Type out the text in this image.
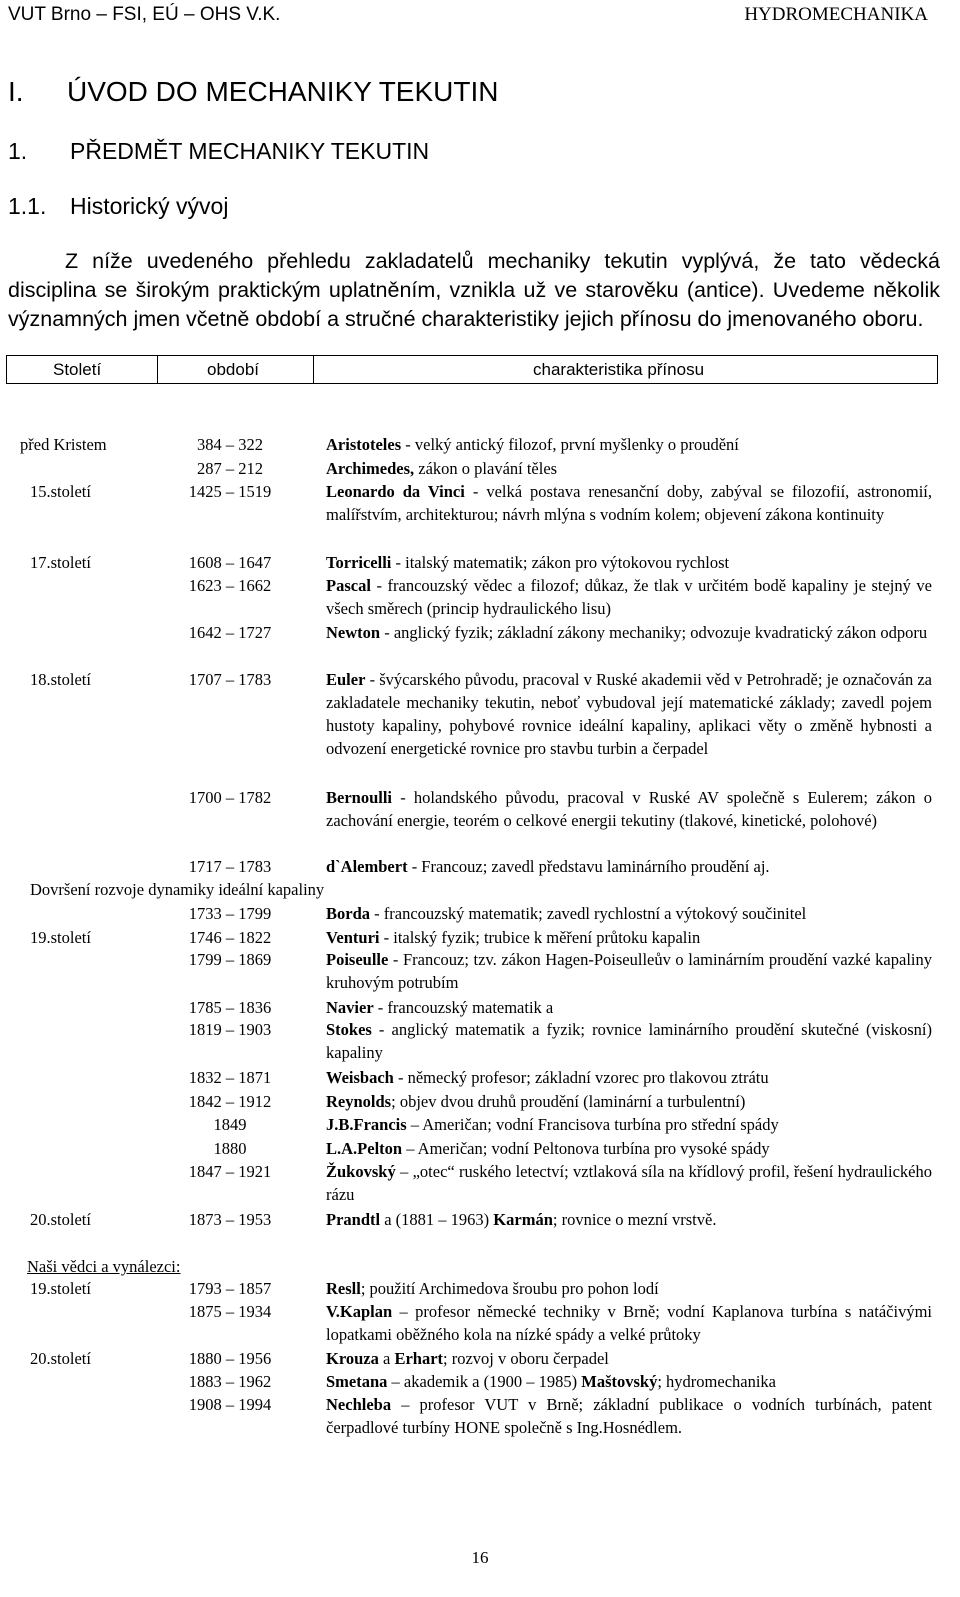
VUT Brno – FSI, EÚ – OHS V.K.	HYDROMECHANIKA
I. ÚVOD DO MECHANIKY TEKUTIN
1. PŘEDMĚT MECHANIKY TEKUTIN
1.1. Historický vývoj

Z níže uvedeného přehledu zakladatelů mechaniky tekutin vyplývá, že tato vědecká disciplina se širokým praktickým uplatněním, vznikla už ve starověku (antice). Uvedeme několik významných jmen včetně období a stručné charakteristiky jejich přínosu do jmenovaného oboru.

Století	období	charakteristika přínosu
před Kristem	384 – 322	Aristoteles - velký antický filozof, první myšlenky o proudění
287 – 212	Archimedes, zákon o plavání těles
15.století	1425 – 1519	Leonardo da Vinci - velká postava renesanční doby, zabýval se filozofií, astronomií, malířstvím, architekturou; návrh mlýna s vodním kolem; objevení zákona kontinuity
17.století	1608 – 1647	Torricelli - italský matematik; zákon pro výtokovou rychlost
1623 – 1662	Pascal - francouzský vědec a filozof; důkaz, že tlak v určitém bodě kapaliny je stejný ve všech směrech (princip hydraulického lisu)
1642 – 1727	Newton - anglický fyzik; základní zákony mechaniky; odvozuje kvadratický zákon odporu
18.století	1707 – 1783	Euler - švýcarského původu, pracoval v Ruské akademii věd v Petrohradě; je označován za zakladatele mechaniky tekutin, neboť vybudoval její matematické základy; zavedl pojem hustoty kapaliny, pohybové rovnice ideální kapaliny, aplikaci věty o změně hybnosti a odvození energetické rovnice pro stavbu turbin a čerpadel
1700 – 1782	Bernoulli - holandského původu, pracoval v Ruské AV společně s Eulerem; zákon o zachování energie, teorém o celkové energii tekutiny (tlakové, kinetické, polohové)
1717 – 1783	d`Alembert - Francouz; zavedl představu laminárního proudění aj.
Dovršení rozvoje dynamiky ideální kapaliny
1733 – 1799	Borda - francouzský matematik; zavedl rychlostní a výtokový součinitel
19.století	1746 – 1822	Venturi - italský fyzik; trubice k měření průtoku kapalin
1799 – 1869	Poiseulle - Francouz; tzv. zákon Hagen-Poiseulleův o laminárním proudění vazké kapaliny kruhovým potrubím
1785 – 1836	Navier - francouzský matematik a
1819 – 1903	Stokes - anglický matematik a fyzik; rovnice laminárního proudění skutečné (viskosní) kapaliny
1832 – 1871	Weisbach - německý profesor; základní vzorec pro tlakovou ztrátu
1842 – 1912	Reynolds; objev dvou druhů proudění (laminární a turbulentní)
1849	J.B.Francis – Američan; vodní Francisova turbína pro střední spády
1880	L.A.Pelton – Američan; vodní Peltonova turbína pro vysoké spády
1847 – 1921	Žukovský – „otec“ ruského letectví; vztlaková síla na křídlový profil, řešení hydraulického rázu
20.století	1873 – 1953	Prandtl a (1881 – 1963) Karmán; rovnice o mezní vrstvě.
Naši vědci a vynálezci:
19.století	1793 – 1857	Resll; použití Archimedova šroubu pro pohon lodí
1875 – 1934	V.Kaplan – profesor německé techniky v Brně; vodní Kaplanova turbína s natáčivými lopatkami oběžného kola na nízké spády a velké průtoky
20.století	1880 – 1956	Krouza a Erhart; rozvoj v oboru čerpadel
1883 – 1962	Smetana – akademik a (1900 – 1985) Maštovský; hydromechanika
1908 – 1994	Nechleba – profesor VUT v Brně; základní publikace o vodních turbínách, patent čerpadlové turbíny HONE společně s Ing.Hosnédlem.
16
